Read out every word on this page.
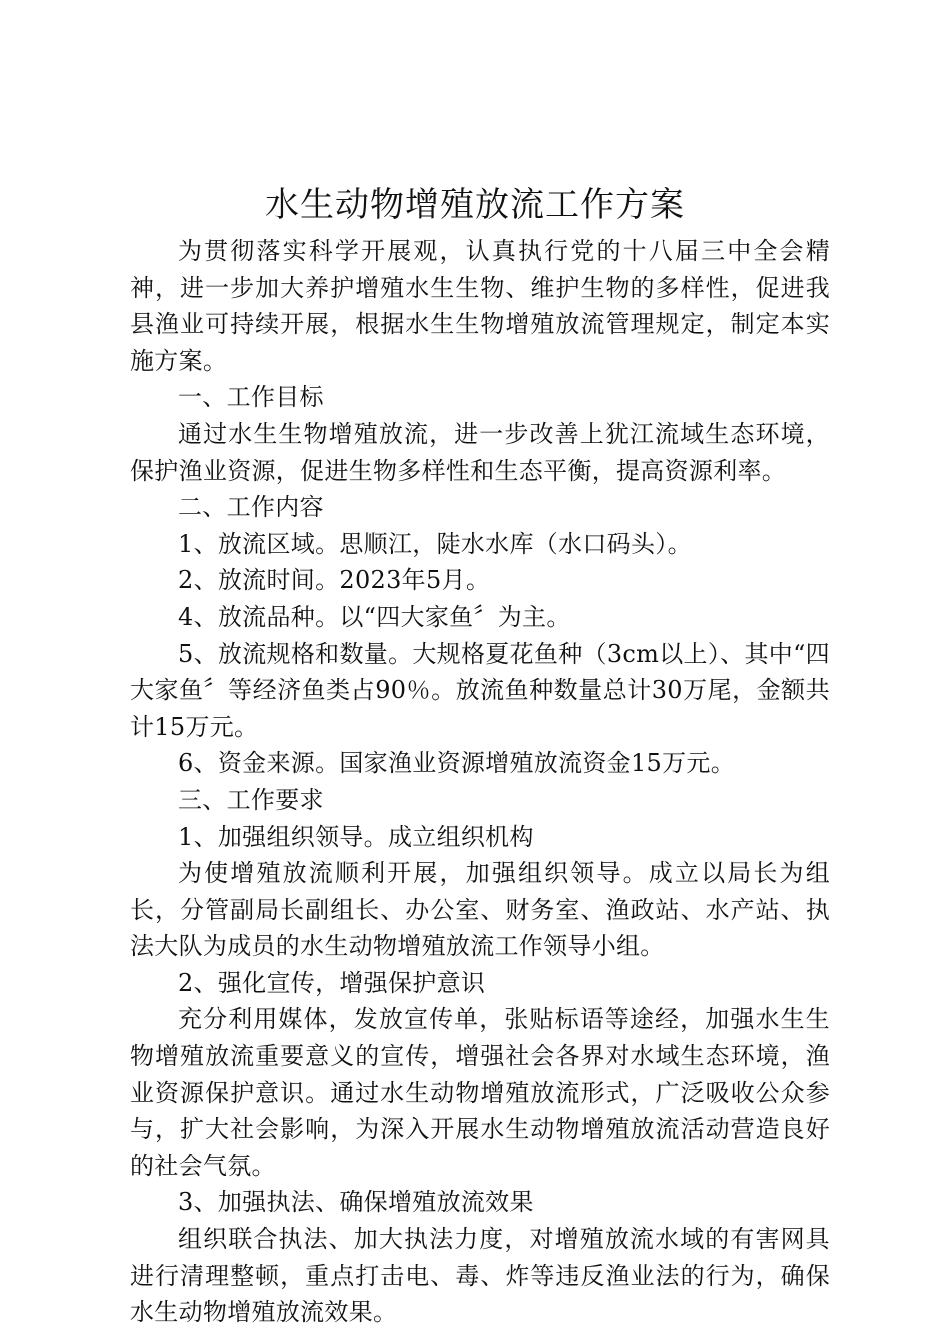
水生动物增殖放流工作方案

为贯彻落实科学开展观，认真执行党的十八届三中全会精神，进一步加大养护增殖水生生物、维护生物的多样性，促进我县渔业可持续开展，根据水生生物增殖放流管理规定，制定本实施方案。

一、工作目标

通过水生生物增殖放流，进一步改善上犹江流域生态环境，保护渔业资源，促进生物多样性和生态平衡，提高资源利率。

二、工作内容

1、放流区域。思顺江，陡水水库（水口码头）。

2、放流时间。2023年5月。

4、放流品种。以“四大家鱼〞为主。

5、放流规格和数量。大规格夏花鱼种（3cm以上）、其中“四大家鱼〞等经济鱼类占90％。放流鱼种数量总计30万尾，金额共计15万元。

6、资金来源。国家渔业资源增殖放流资金15万元。

三、工作要求

1、加强组织领导。成立组织机构

为使增殖放流顺利开展，加强组织领导。成立以局长为组长，分管副局长副组长、办公室、财务室、渔政站、水产站、执法大队为成员的水生动物增殖放流工作领导小组。

2、强化宣传，增强保护意识

充分利用媒体，发放宣传单，张贴标语等途经，加强水生生物增殖放流重要意义的宣传，增强社会各界对水域生态环境，渔业资源保护意识。通过水生动物增殖放流形式，广泛吸收公众参与，扩大社会影响，为深入开展水生动物增殖放流活动营造良好的社会气氛。

3、加强执法、确保增殖放流效果

组织联合执法、加大执法力度，对增殖放流水域的有害网具进行清理整顿，重点打击电、毒、炸等违反渔业法的行为，确保水生动物增殖放流效果。
